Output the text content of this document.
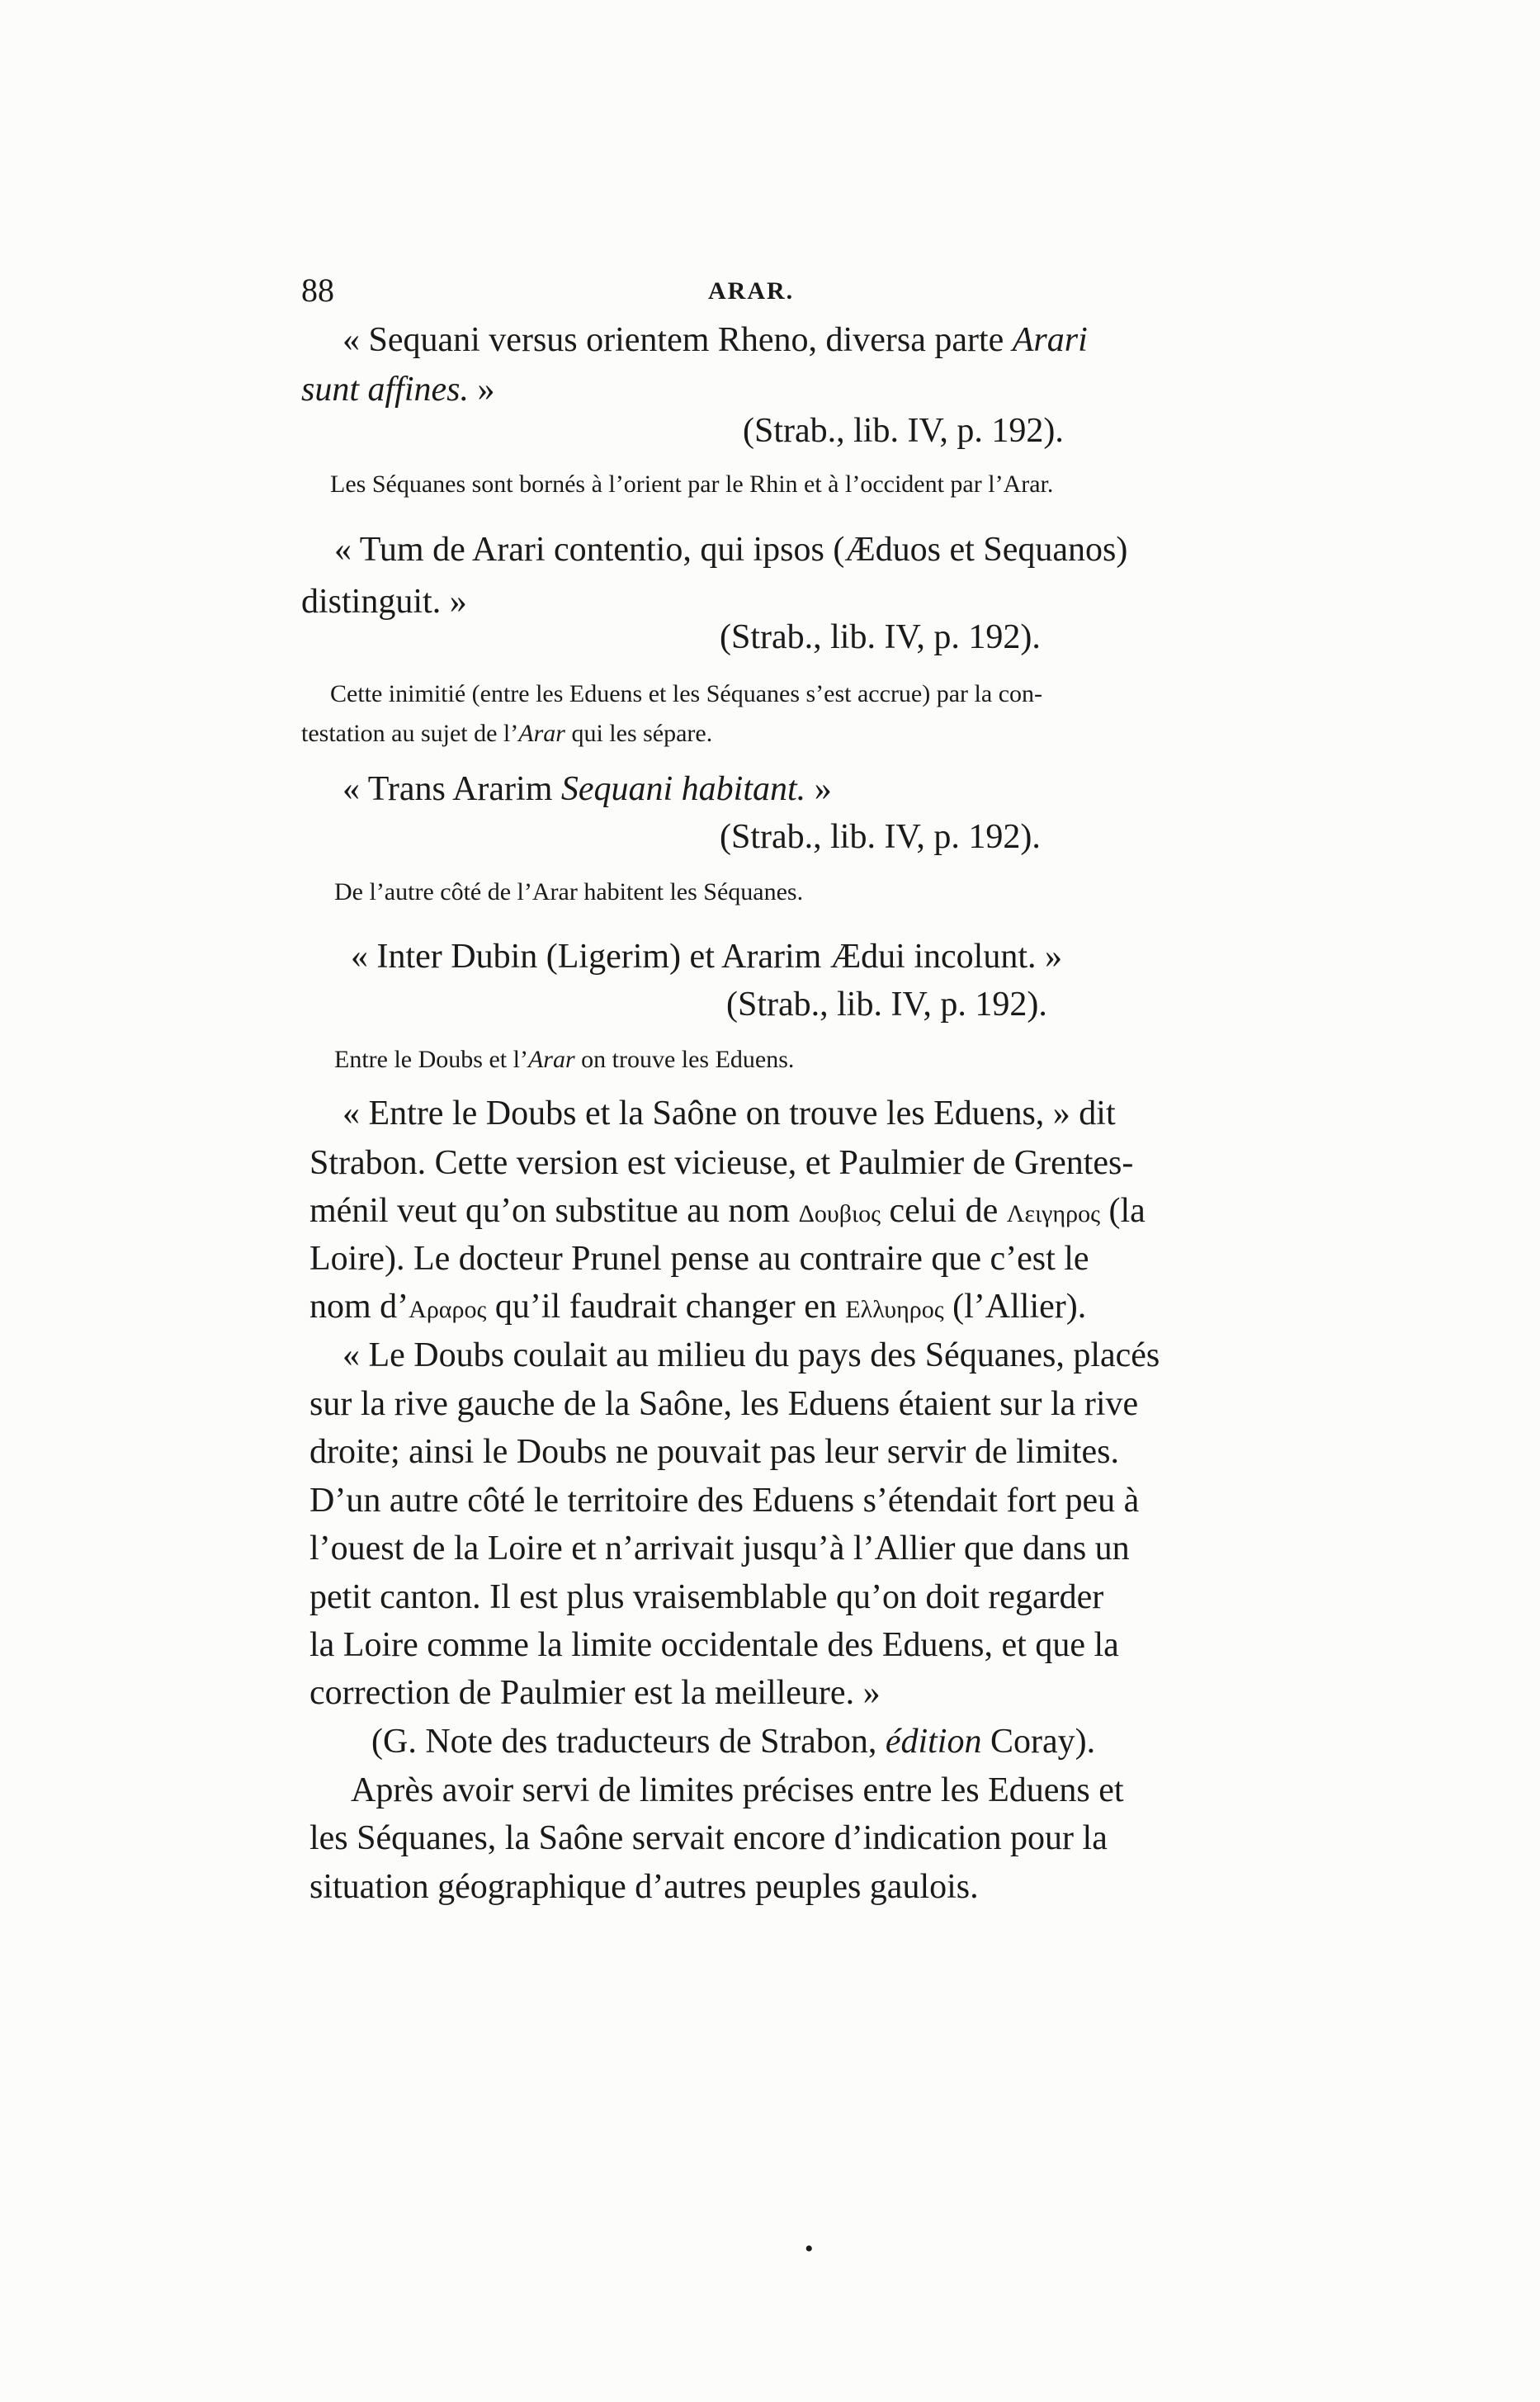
88	ARAR.
« Sequani versus orientem Rheno, diversa parte Arari
sunt affines. »
(Strab., lib. IV, p. 192).
Les Séquanes sont bornés à l’orient par le Rhin et à l’occident par l’Arar.
« Tum de Arari contentio, qui ipsos (Æduos et Sequanos)
distinguit. »
(Strab., lib. IV, p. 192).
Cette inimitié (entre les Eduens et les Séquanes s’est accrue) par la con-
testation au sujet de l’Arar qui les sépare.
« Trans Ararim Sequani habitant. »
(Strab., lib. IV, p. 192).
De l’autre côté de l’Arar habitent les Séquanes.
« Inter Dubin (Ligerim) et Ararim Ædui incolunt. »
(Strab., lib. IV, p. 192).
Entre le Doubs et l’Arar on trouve les Eduens.
« Entre le Doubs et la Saône on trouve les Eduens, » dit
Strabon. Cette version est vicieuse, et Paulmier de Grentes-
ménil veut qu’on substitue au nom Δουβιος celui de Λειγηρος (la
Loire). Le docteur Prunel pense au contraire que c’est le
nom d’Αραρος qu’il faudrait changer en Ελλυηρος (l’Allier).
« Le Doubs coulait au milieu du pays des Séquanes, placés
sur la rive gauche de la Saône, les Eduens étaient sur la rive
droite; ainsi le Doubs ne pouvait pas leur servir de limites.
D’un autre côté le territoire des Eduens s’étendait fort peu à
l’ouest de la Loire et n’arrivait jusqu’à l’Allier que dans un
petit canton. Il est plus vraisemblable qu’on doit regarder
la Loire comme la limite occidentale des Eduens, et que la
correction de Paulmier est la meilleure. »
(G. Note des traducteurs de Strabon, édition Coray).
Après avoir servi de limites précises entre les Eduens et
les Séquanes, la Saône servait encore d’indication pour la
situation géographique d’autres peuples gaulois.
•
